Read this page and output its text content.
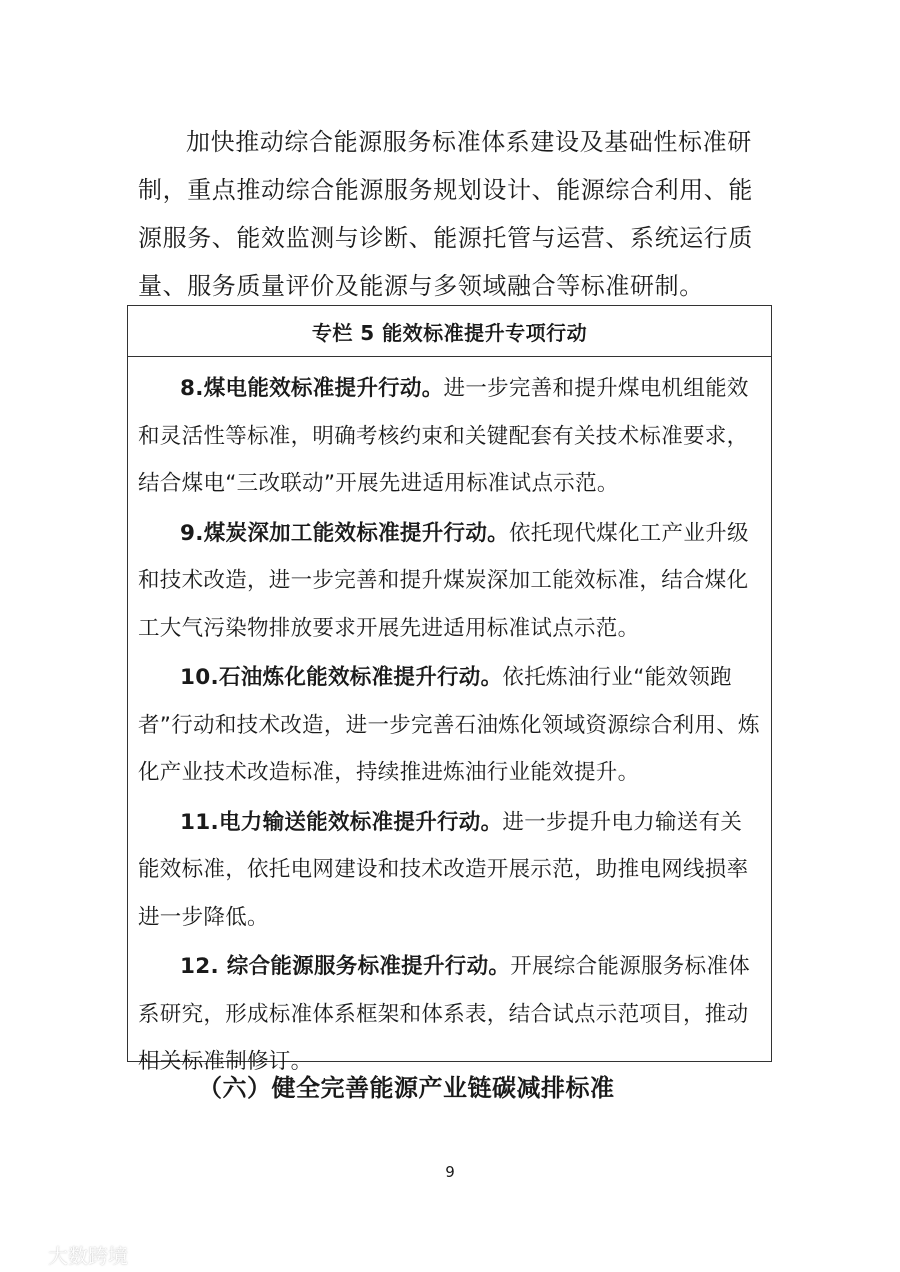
加快推动综合能源服务标准体系建设及基础性标准研制，重点推动综合能源服务规划设计、能源综合利用、能源服务、能效监测与诊断、能源托管与运营、系统运行质量、服务质量评价及能源与多领域融合等标准研制。

专栏 5 能效标准提升专项行动

8.煤电能效标准提升行动。进一步完善和提升煤电机组能效和灵活性等标准，明确考核约束和关键配套有关技术标准要求，结合煤电“三改联动”开展先进适用标准试点示范。

9.煤炭深加工能效标准提升行动。依托现代煤化工产业升级和技术改造，进一步完善和提升煤炭深加工能效标准，结合煤化工大气污染物排放要求开展先进适用标准试点示范。

10.石油炼化能效标准提升行动。依托炼油行业“能效领跑者”行动和技术改造，进一步完善石油炼化领域资源综合利用、炼化产业技术改造标准，持续推进炼油行业能效提升。

11.电力输送能效标准提升行动。进一步提升电力输送有关能效标准，依托电网建设和技术改造开展示范，助推电网线损率进一步降低。

12. 综合能源服务标准提升行动。开展综合能源服务标准体系研究，形成标准体系框架和体系表，结合试点示范项目，推动相关标准制修订。

（六）健全完善能源产业链碳减排标准

9
大数跨境
